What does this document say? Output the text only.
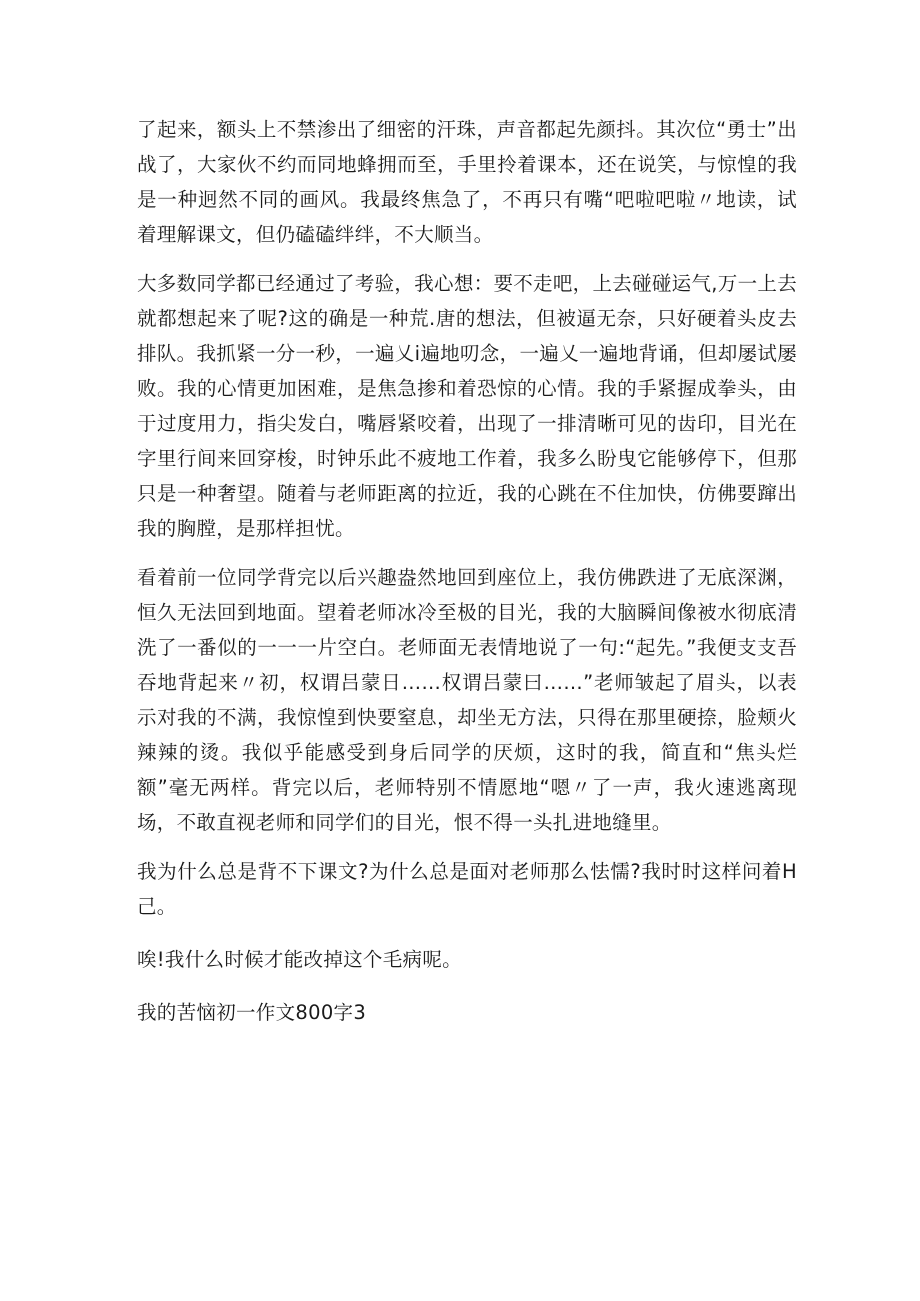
了起来，额头上不禁渗出了细密的汗珠，声音都起先颜抖。其次位“勇士”出战了，大家伙不约而同地蜂拥而至，手里拎着课本，还在说笑，与惊惶的我是一种迥然不同的画风。我最终焦急了，不再只有嘴“吧啦吧啦〃地读，试着理解课文，但仍磕磕绊绊，不大顺当。

大多数同学都已经通过了考验，我心想：要不走吧，上去碰碰运气,万一上去就都想起来了呢?这的确是一种荒.唐的想法，但被逼无奈，只好硬着头皮去排队。我抓紧一分一秒，一遍乂i遍地叨念，一遍乂一遍地背诵，但却屡试屡败。我的心情更加困难，是焦急掺和着恐惊的心情。我的手紧握成拳头，由于过度用力，指尖发白，嘴唇紧咬着，出现了一排清晰可见的齿印，目光在字里行间来回穿梭，时钟乐此不疲地工作着，我多么盼曳它能够停下，但那只是一种奢望。随着与老师距离的拉近，我的心跳在不住加快，仿佛要蹿出我的胸膛，是那样担忧。

看着前一位同学背完以后兴趣盎然地回到座位上，我仿佛跌进了无底深渊，恒久无法回到地面。望着老师冰冷至极的目光，我的大脑瞬间像被水彻底清洗了一番似的一一一片空白。老师面无表情地说了一句:“起先。”我便支支吾吞地背起来〃初，权谓吕蒙日……权谓吕蒙曰……”老师皱起了眉头，以表示对我的不满，我惊惶到快要窒息，却坐无方法，只得在那里硬捺，脸颊火辣辣的烫。我似乎能感受到身后同学的厌烦，这时的我，简直和“焦头烂额”毫无两样。背完以后，老师特别不情愿地“嗯〃了一声，我火速逃离现场，不敢直视老师和同学们的目光，恨不得一头扎进地缝里。

我为什么总是背不下课文?为什么总是面对老师那么怯懦?我时时这样问着H己。

唉!我什么时候才能改掉这个毛病呢。

我的苦恼初一作文800字3
